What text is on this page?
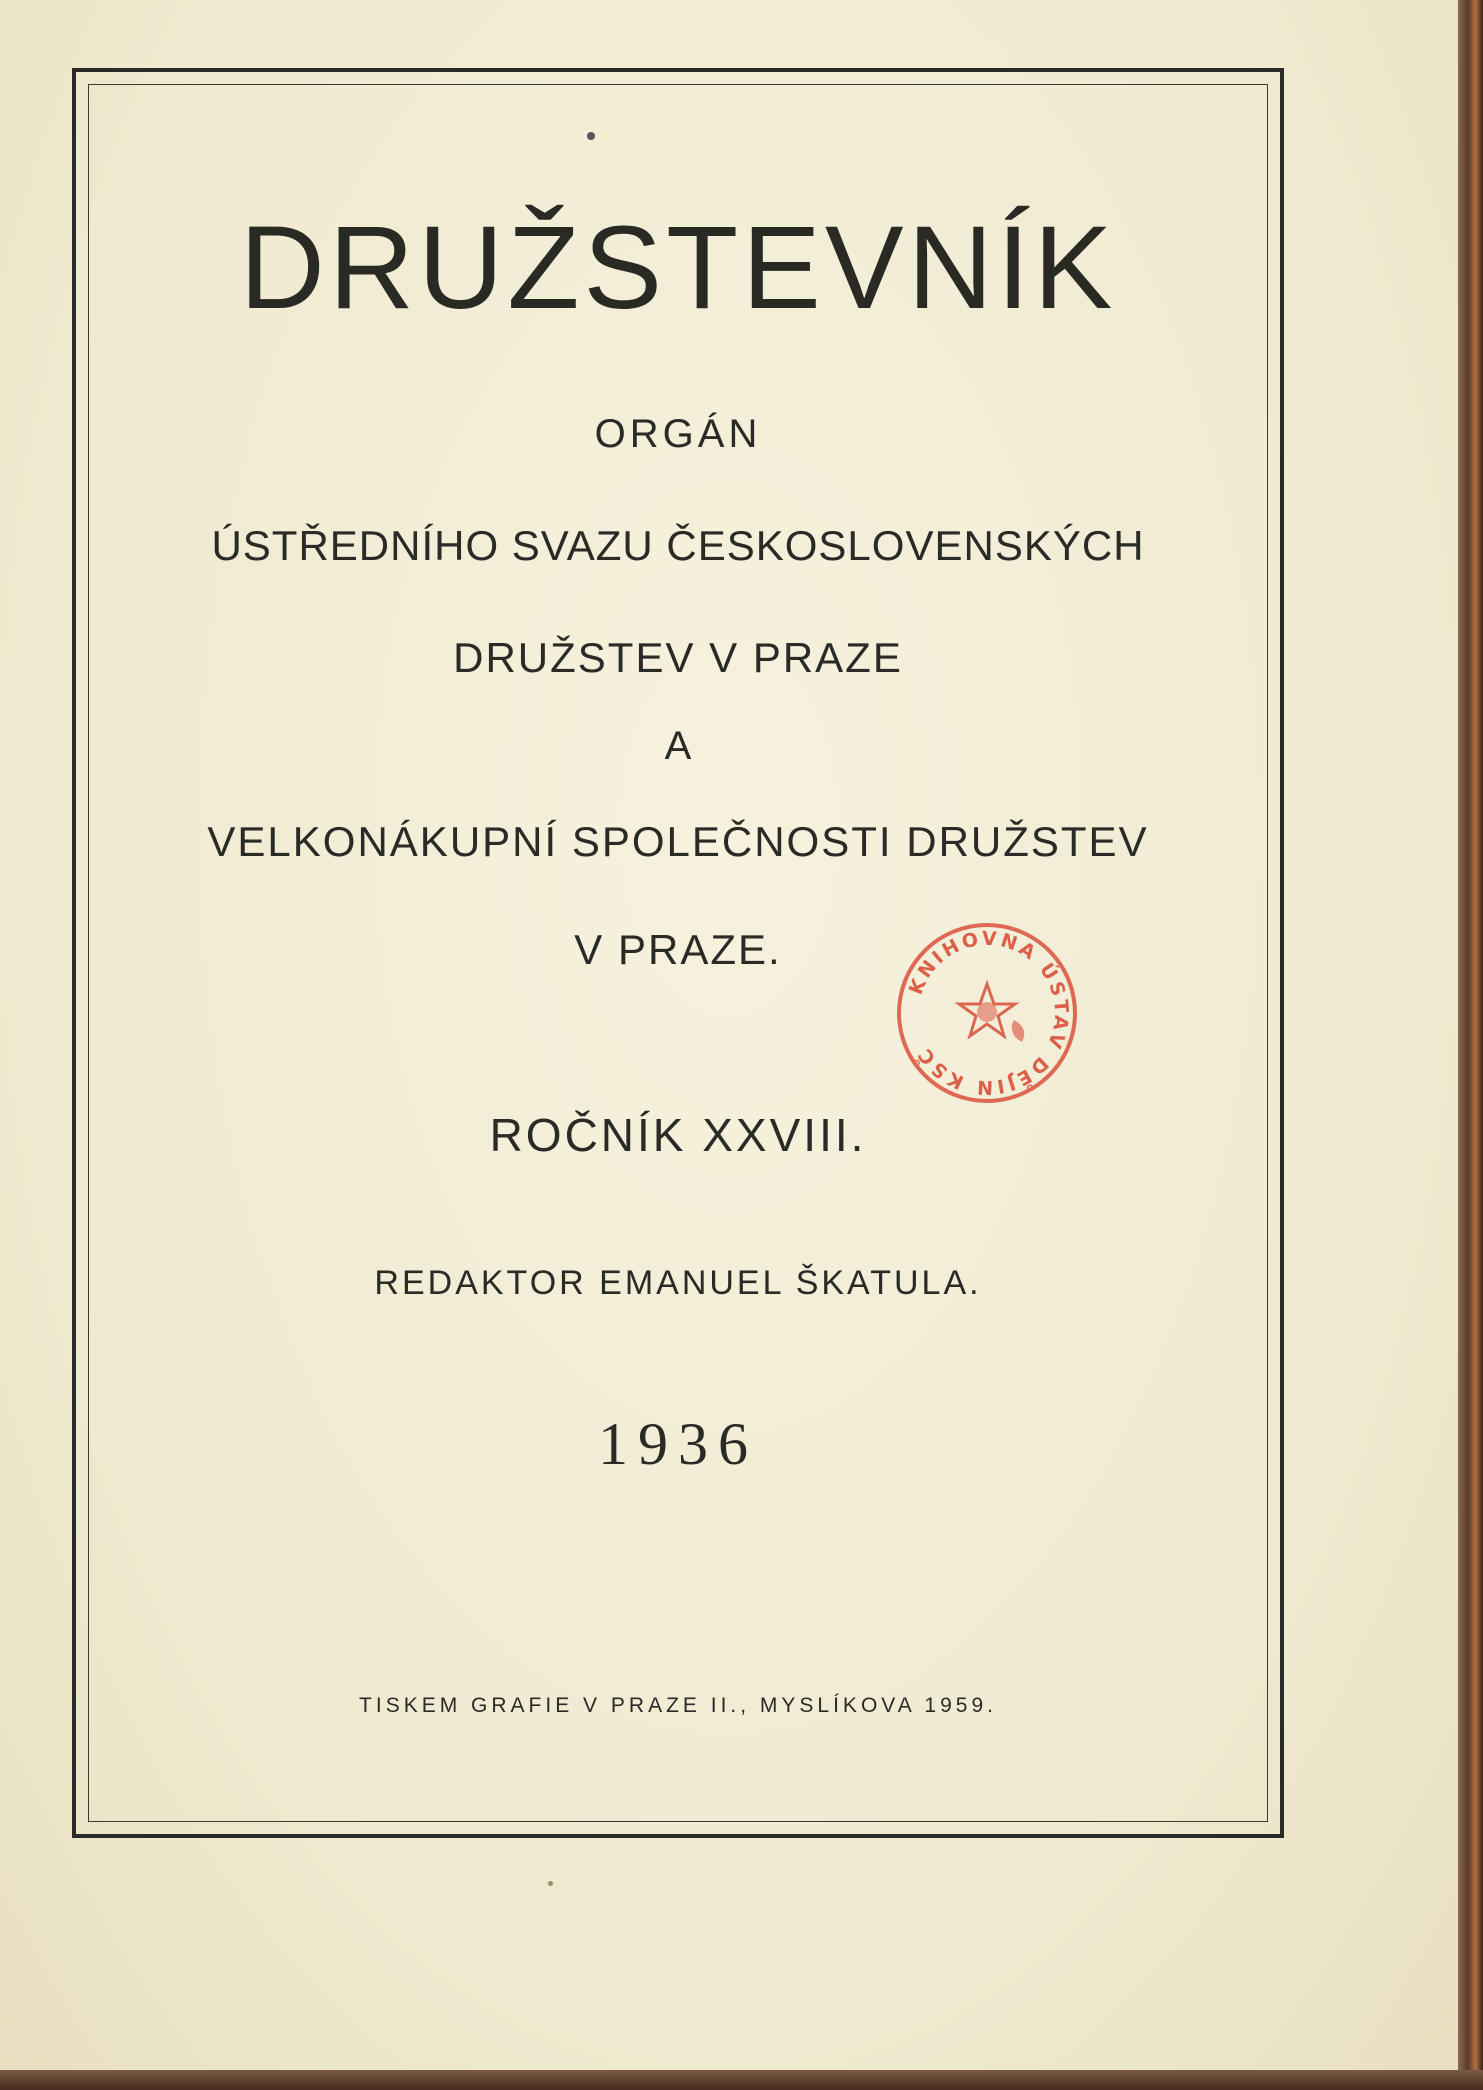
DRUŽSTEVNÍK
ORGÁN
ÚSTŘEDNÍHO SVAZU ČESKOSLOVENSKÝCH
DRUŽSTEV V PRAZE
A
VELKONÁKUPNÍ SPOLEČNOSTI DRUŽSTEV
V PRAZE.
ROČNÍK XXVIII.
REDAKTOR EMANUEL ŠKATULA.
1936
TISKEM GRAFIE V PRAZE II., MYSLÍKOVA 1959.
KNIHOVNA ÚSTAV DĚJIN KSČ
